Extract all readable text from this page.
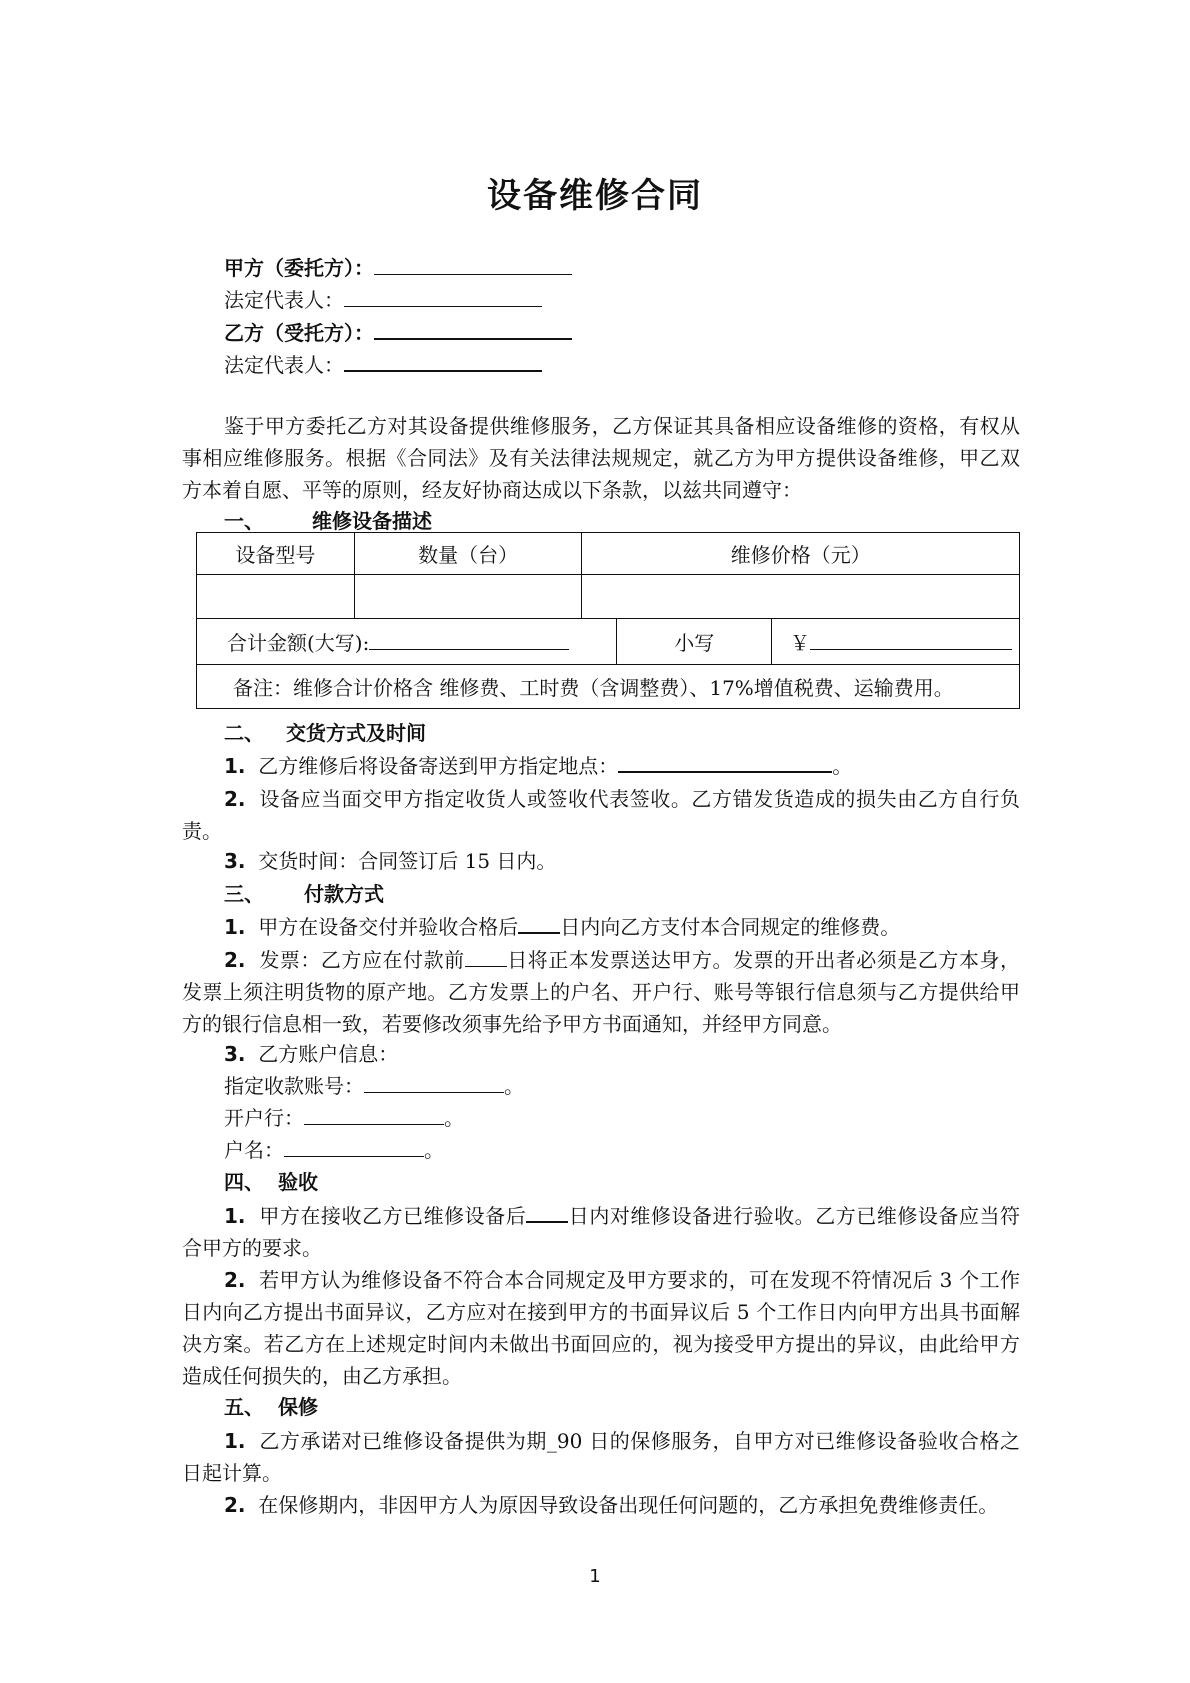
设备维修合同
甲方（委托方）：
法定代表人：
乙方（受托方）：
法定代表人：
鉴于甲方委托乙方对其设备提供维修服务，乙方保证其具备相应设备维修的资格，有权从事相应维修服务。根据《合同法》及有关法律法规规定，就乙方为甲方提供设备维修，甲乙双方本着自愿、平等的原则，经友好协商达成以下条款，以兹共同遵守：
一、 维修设备描述
设备型号	数量（台）	维修价格（元）		

合计金额(大写):			小写	￥
备注：维修合计价格含 维修费、工时费（含调整费）、17%增值税费、运输费用。				
二、 交货方式及时间
1. 乙方维修后将设备寄送到甲方指定地点：	。
2. 设备应当面交甲方指定收货人或签收代表签收。乙方错发货造成的损失由乙方自行负责。
3. 交货时间：合同签订后 15 日内。
三、 付款方式
1. 甲方在设备交付并验收合格后 日内向乙方支付本合同规定的维修费。
2. 发票：乙方应在付款前 日将正本发票送达甲方。发票的开出者必须是乙方本身，发票上须注明货物的原产地。乙方发票上的户名、开户行、账号等银行信息须与乙方提供给甲方的银行信息相一致，若要修改须事先给予甲方书面通知，并经甲方同意。
3. 乙方账户信息：
指定收款账号：	。
开户行：	。
户名：	。
四、 验收
1. 甲方在接收乙方已维修设备后 日内对维修设备进行验收。乙方已维修设备应当符合甲方的要求。
2. 若甲方认为维修设备不符合本合同规定及甲方要求的，可在发现不符情况后 3 个工作日内向乙方提出书面异议，乙方应对在接到甲方的书面异议后 5 个工作日内向甲方出具书面解决方案。若乙方在上述规定时间内未做出书面回应的，视为接受甲方提出的异议，由此给甲方造成任何损失的，由乙方承担。
五、 保修
1. 乙方承诺对已维修设备提供为期_90 日的保修服务，自甲方对已维修设备验收合格之日起计算。
2. 在保修期内，非因甲方人为原因导致设备出现任何问题的，乙方承担免费维修责任。
1
